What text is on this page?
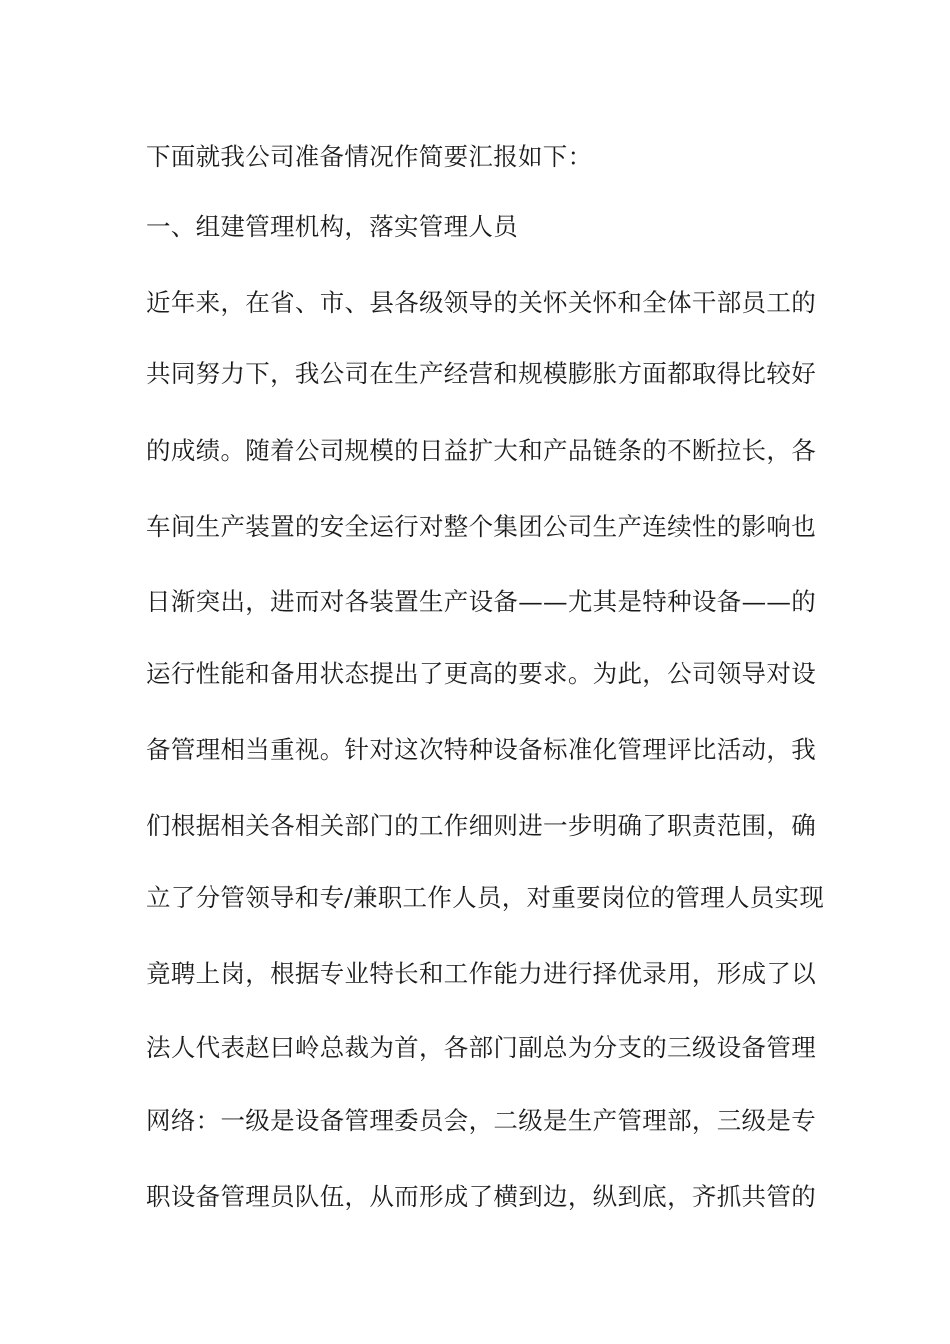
下面就我公司准备情况作简要汇报如下：
一、组建管理机构，落实管理人员
近年来，在省、市、县各级领导的关怀关怀和全体干部员工的
共同努力下，我公司在生产经营和规模膨胀方面都取得比较好
的成绩。随着公司规模的日益扩大和产品链条的不断拉长，各
车间生产装置的安全运行对整个集团公司生产连续性的影响也
日渐突出，进而对各装置生产设备——尤其是特种设备——的
运行性能和备用状态提出了更高的要求。为此，公司领导对设
备管理相当重视。针对这次特种设备标准化管理评比活动，我
们根据相关各相关部门的工作细则进一步明确了职责范围，确
立了分管领导和专/兼职工作人员，对重要岗位的管理人员实现
竟聘上岗，根据专业特长和工作能力进行择优录用，形成了以
法人代表赵曰岭总裁为首，各部门副总为分支的三级设备管理
网络：一级是设备管理委员会，二级是生产管理部，三级是专
职设备管理员队伍，从而形成了横到边，纵到底，齐抓共管的
